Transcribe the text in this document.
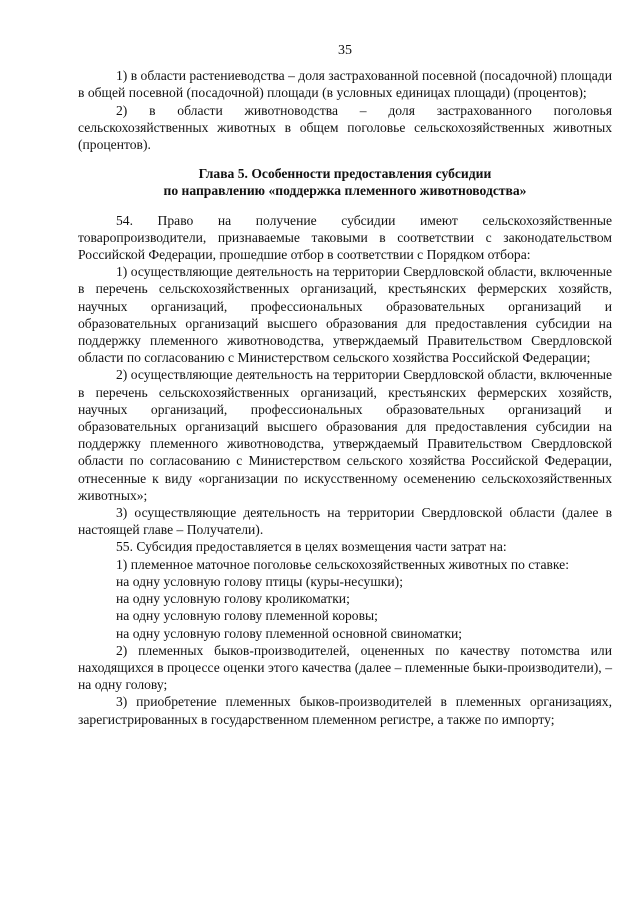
35

1) в области растениеводства – доля застрахованной посевной (посадочной) площади в общей посевной (посадочной) площади (в условных единицах площади) (процентов);

2) в области животноводства – доля застрахованного поголовья сельскохозяйственных животных в общем поголовье сельскохозяйственных животных (процентов).

Глава 5. Особенности предоставления субсидии

по направлению «поддержка племенного животноводства»

54. Право на получение субсидии имеют сельскохозяйственные товаропроизводители, признаваемые таковыми в соответствии с законодательством Российской Федерации, прошедшие отбор в соответствии с Порядком отбора:

1) осуществляющие деятельность на территории Свердловской области, включенные в перечень сельскохозяйственных организаций, крестьянских фермерских хозяйств, научных организаций, профессиональных образовательных организаций и образовательных организаций высшего образования для предоставления субсидии на поддержку племенного животноводства, утверждаемый Правительством Свердловской области по согласованию с Министерством сельского хозяйства Российской Федерации;

2) осуществляющие деятельность на территории Свердловской области, включенные в перечень сельскохозяйственных организаций, крестьянских фермерских хозяйств, научных организаций, профессиональных образовательных организаций и образовательных организаций высшего образования для предоставления субсидии на поддержку племенного животноводства, утверждаемый Правительством Свердловской области по согласованию с Министерством сельского хозяйства Российской Федерации, отнесенные к виду «организации по искусственному осеменению сельскохозяйственных животных»;

3) осуществляющие деятельность на территории Свердловской области (далее в настоящей главе – Получатели).

55. Субсидия предоставляется в целях возмещения части затрат на:

1) племенное маточное поголовье сельскохозяйственных животных по ставке:

на одну условную голову птицы (куры-несушки);

на одну условную голову кроликоматки;

на одну условную голову племенной коровы;

на одну условную голову племенной основной свиноматки;

2) племенных быков-производителей, оцененных по качеству потомства или находящихся в процессе оценки этого качества (далее – племенные быки-производители), – на одну голову;

3) приобретение племенных быков-производителей в племенных организациях, зарегистрированных в государственном племенном регистре, а также по импорту;
